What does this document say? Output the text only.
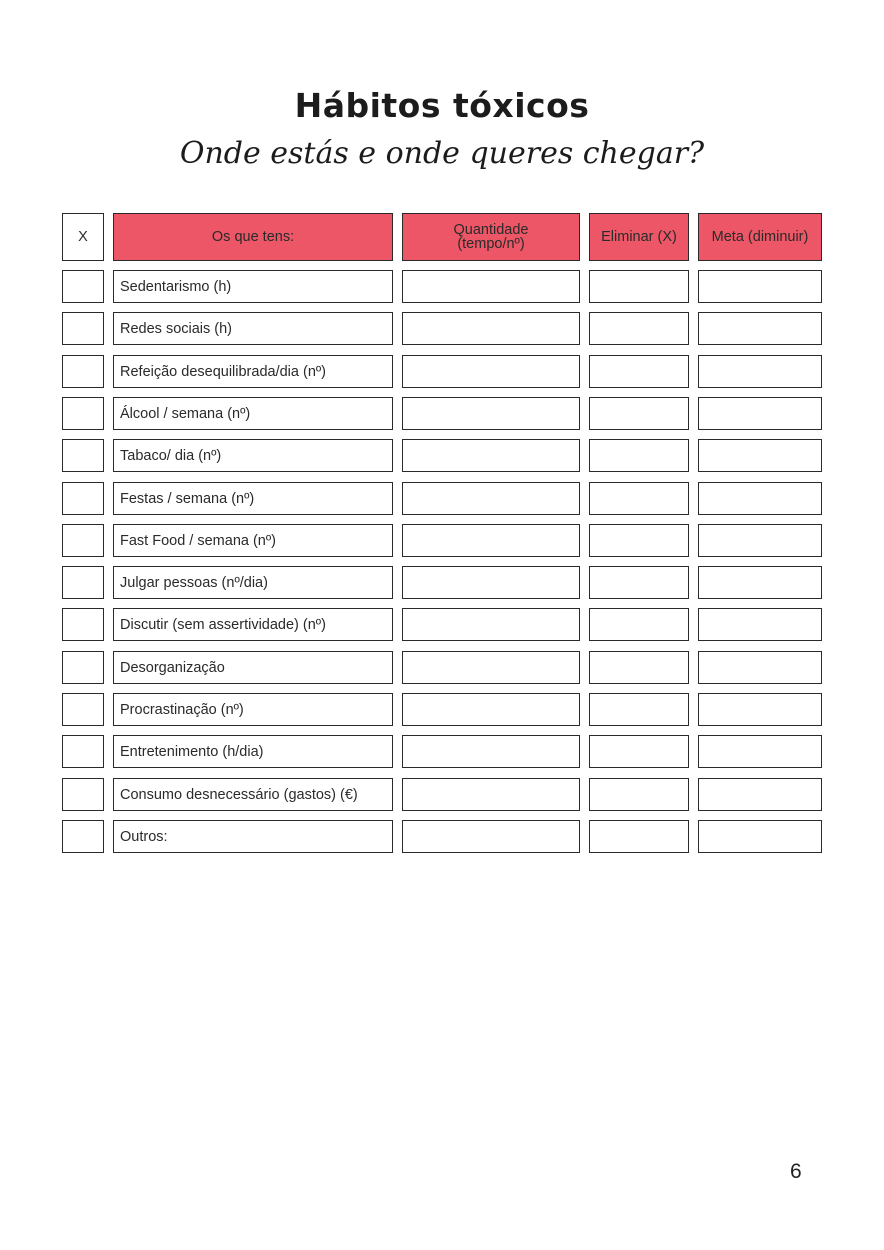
Hábitos tóxicos

Onde estás e onde queres chegar?

X	Os que tens:	Quantidade (tempo/nº)	Eliminar (X)	Meta (diminuir)
Sedentarismo (h)
Redes sociais (h)
Refeição desequilibrada/dia (nº)
Álcool / semana (nº)
Tabaco/ dia (nº)
Festas / semana (nº)
Fast Food / semana (nº)
Julgar pessoas (nº/dia)
Discutir (sem assertividade) (nº)
Desorganização
Procrastinação (nº)
Entretenimento (h/dia)
Consumo desnecessário (gastos) (€)
Outros:
6
